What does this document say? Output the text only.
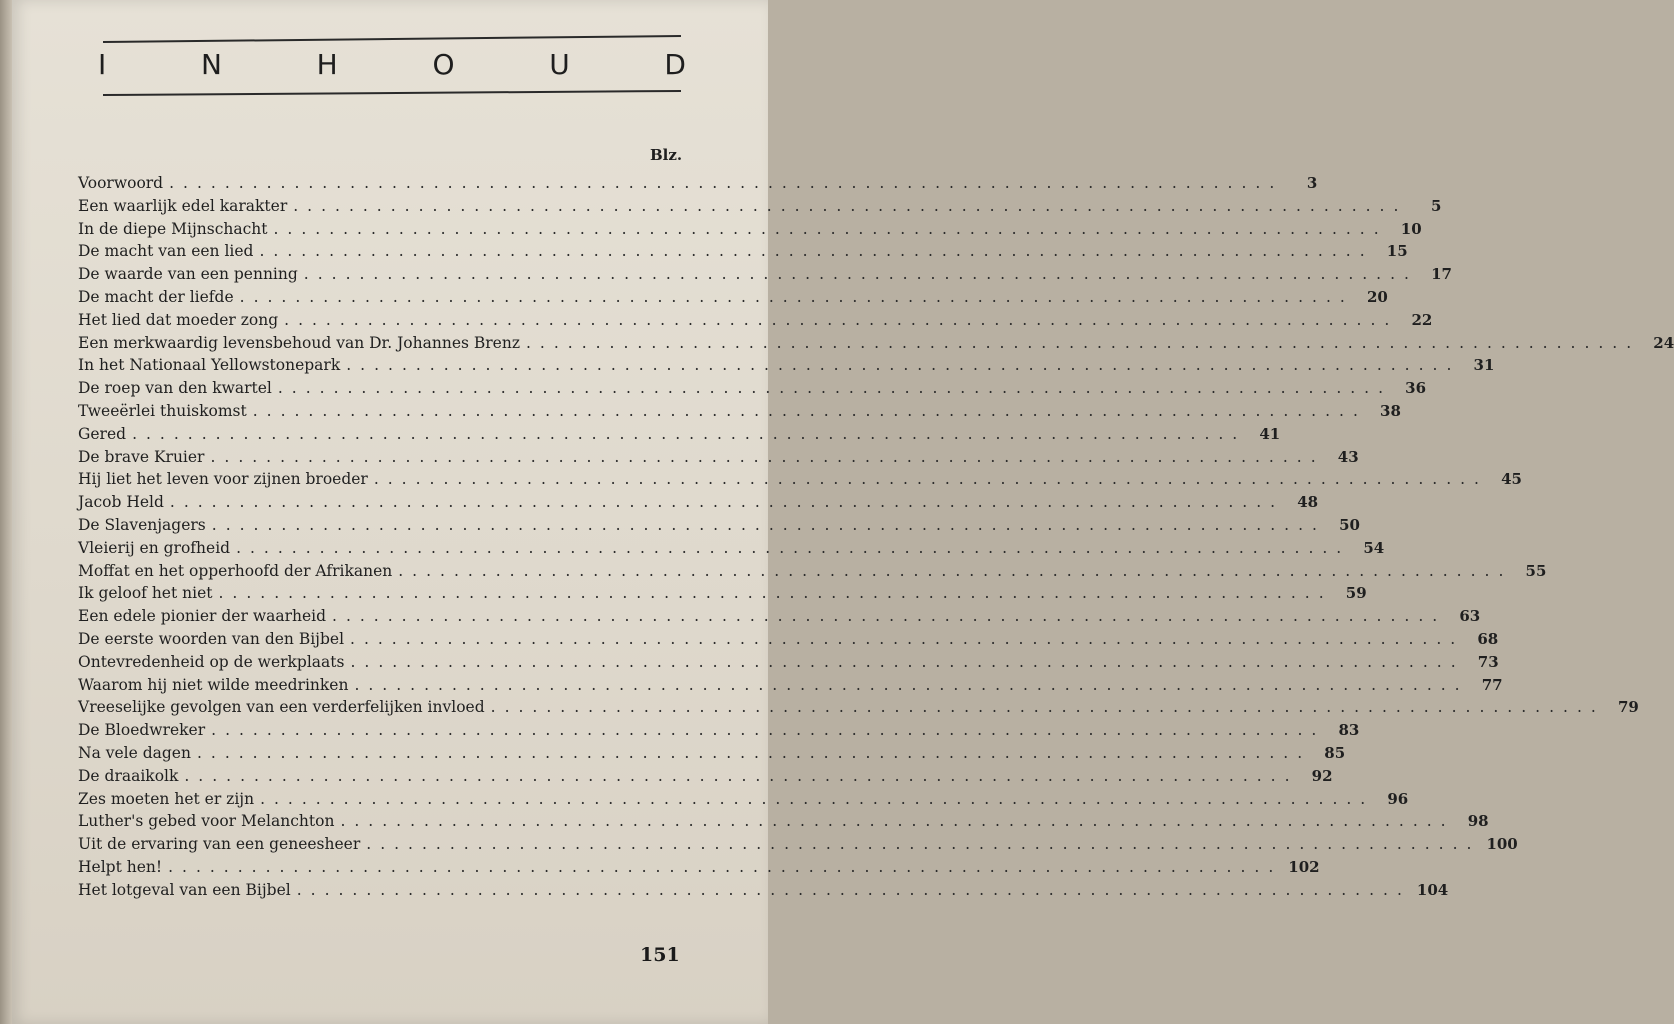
I	N	H	O	U	D
Blz.
Voorwoord ................................................................................	3
Een waarlijk edel karakter ................................................................................	5
In de diepe Mijnschacht ................................................................................ 10
De macht van een lied ................................................................................ 15
De waarde van een penning ................................................................................ 17
De macht der liefde ................................................................................ 20
Het lied dat moeder zong ................................................................................ 22
Een merkwaardig levensbehoud van Dr. Johannes Brenz ................................................................................ 24
In het Nationaal Yellowstonepark ................................................................................ 31
De roep van den kwartel ................................................................................ 36
Tweeërlei thuiskomst ................................................................................ 38
Gered ................................................................................ 41
De brave Kruier ................................................................................ 43
Hij liet het leven voor zijnen broeder ................................................................................ 45
Jacob Held ................................................................................ 48
De Slavenjagers ................................................................................ 50
Vleierij en grofheid ................................................................................ 54
Moffat en het opperhoofd der Afrikanen ................................................................................ 55
Ik geloof het niet ................................................................................ 59
Een edele pionier der waarheid ................................................................................ 63
De eerste woorden van den Bijbel ................................................................................ 68
Ontevredenheid op de werkplaats ................................................................................ 73
Waarom hij niet wilde meedrinken ................................................................................ 77
Vreeselijke gevolgen van een verderfelijken invloed ................................................................................ 79
De Bloedwreker ................................................................................ 83
Na vele dagen ................................................................................ 85
De draaikolk ................................................................................ 92
Zes moeten het er zijn ................................................................................ 96
Luther's gebed voor Melanchton ................................................................................ 98
Uit de ervaring van een geneesheer ................................................................................ 100
Helpt hen! ................................................................................ 102
Het lotgeval van een Bijbel ................................................................................ 104
151
